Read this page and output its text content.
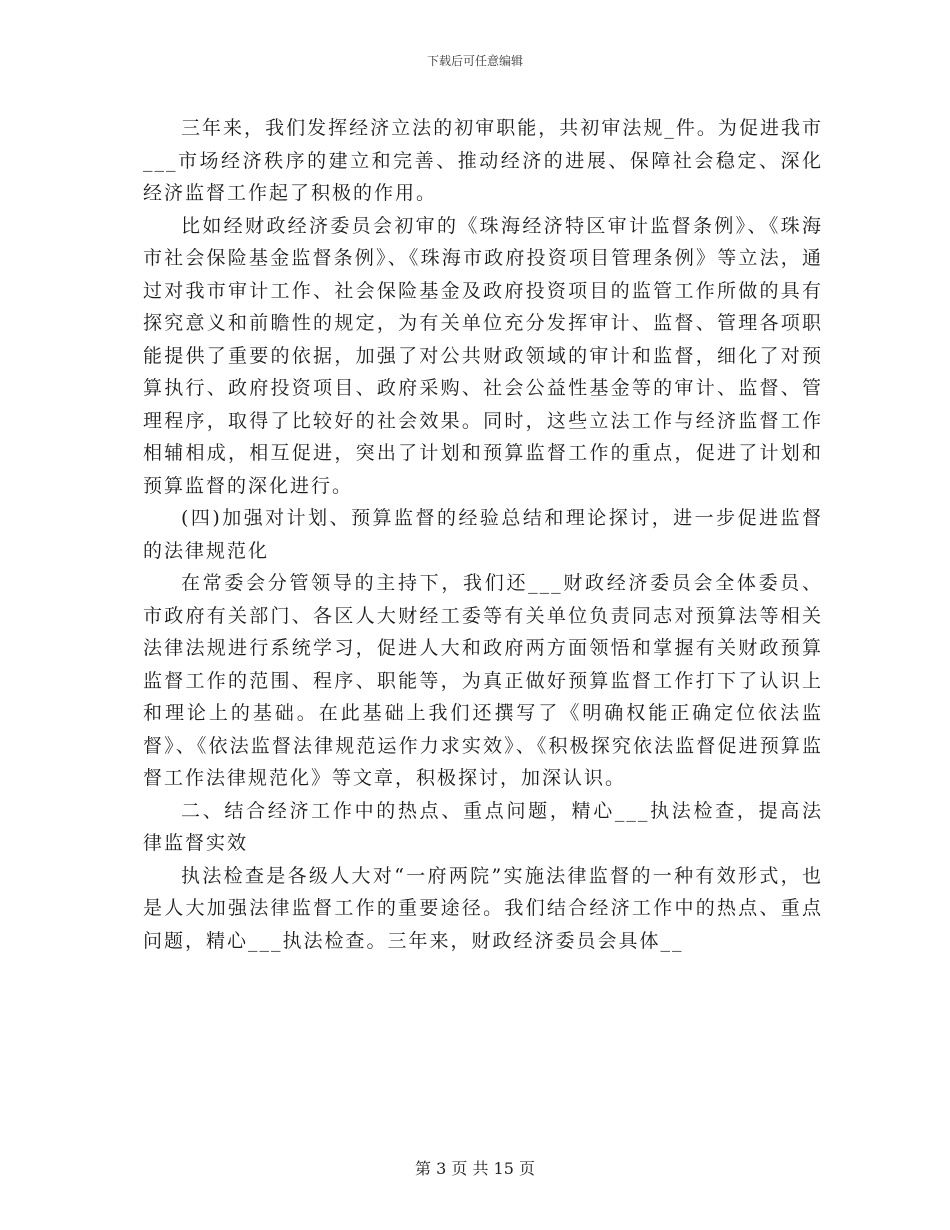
下载后可任意编辑

三年来，我们发挥经济立法的初审职能，共初审法规_件。为促进我市___市场经济秩序的建立和完善、推动经济的进展、保障社会稳定、深化经济监督工作起了积极的作用。

比如经财政经济委员会初审的《珠海经济特区审计监督条例》、《珠海市社会保险基金监督条例》、《珠海市政府投资项目管理条例》等立法，通过对我市审计工作、社会保险基金及政府投资项目的监管工作所做的具有探究意义和前瞻性的规定，为有关单位充分发挥审计、监督、管理各项职能提供了重要的依据，加强了对公共财政领域的审计和监督，细化了对预算执行、政府投资项目、政府采购、社会公益性基金等的审计、监督、管理程序，取得了比较好的社会效果。同时，这些立法工作与经济监督工作相辅相成，相互促进，突出了计划和预算监督工作的重点，促进了计划和预算监督的深化进行。

(四)加强对计划、预算监督的经验总结和理论探讨，进一步促进监督的法律规范化

在常委会分管领导的主持下，我们还___财政经济委员会全体委员、市政府有关部门、各区人大财经工委等有关单位负责同志对预算法等相关法律法规进行系统学习，促进人大和政府两方面领悟和掌握有关财政预算监督工作的范围、程序、职能等，为真正做好预算监督工作打下了认识上和理论上的基础。在此基础上我们还撰写了《明确权能正确定位依法监督》、《依法监督法律规范运作力求实效》、《积极探究依法监督促进预算监督工作法律规范化》等文章，积极探讨，加深认识。

二、结合经济工作中的热点、重点问题，精心___执法检查，提高法律监督实效

执法检查是各级人大对“一府两院”实施法律监督的一种有效形式，也是人大加强法律监督工作的重要途径。我们结合经济工作中的热点、重点问题，精心___执法检查。三年来，财政经济委员会具体__

第 3 页 共 15 页
